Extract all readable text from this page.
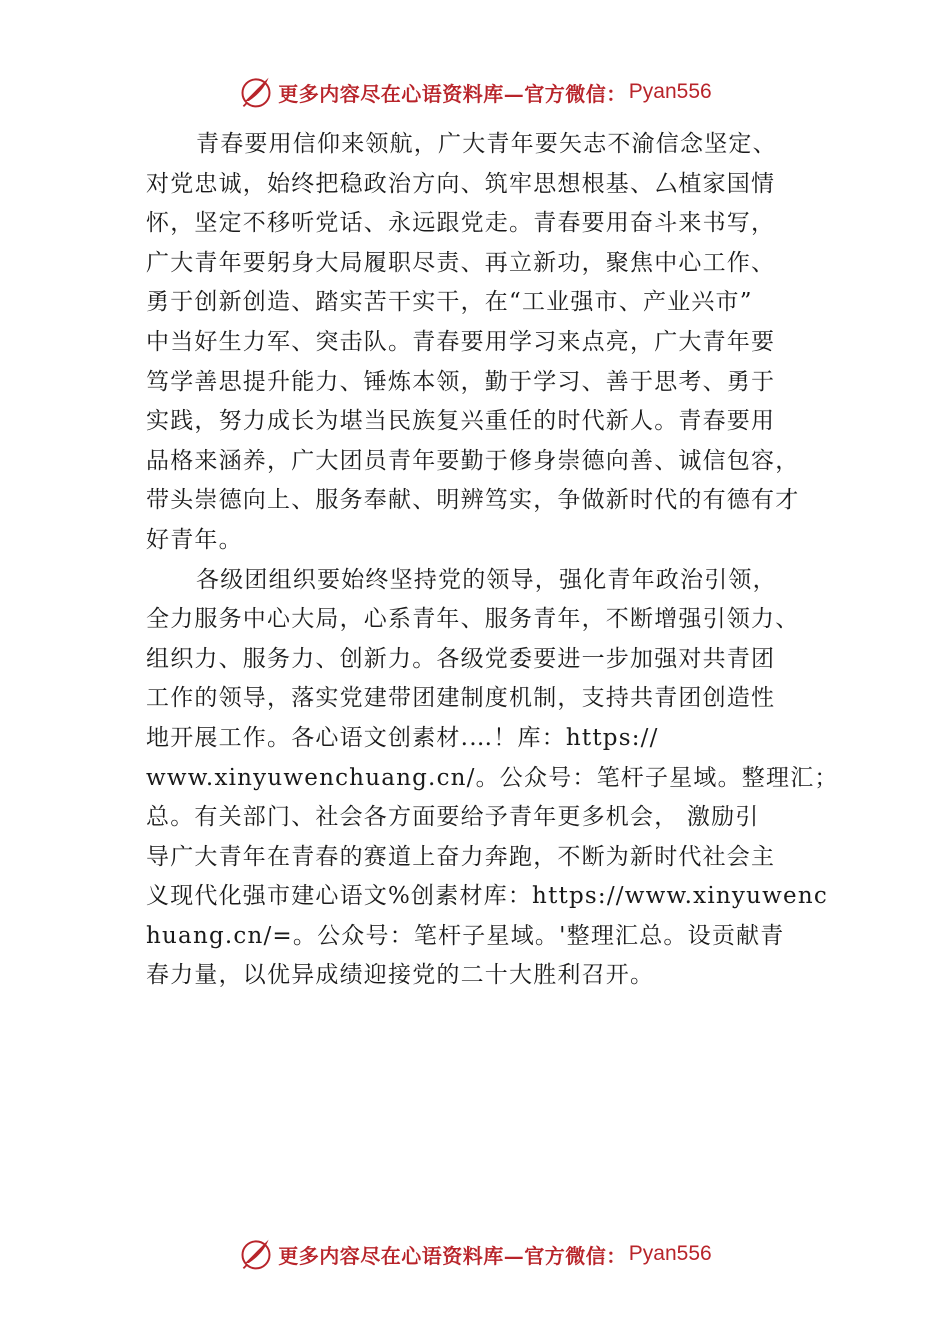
更多内容尽在心语资料库—官方微信： Pyan556
青春要用信仰来领航，广大青年要矢志不渝信念坚定、
对党忠诚，始终把稳政治方向、筑牢思想根基、厶植家国情
怀，坚定不移听党话、永远跟党走。青春要用奋斗来书写，
广大青年要躬身大局履职尽责、再立新功，聚焦中心工作、
勇于创新创造、踏实苦干实干，在“工业强市、产业兴市”
中当好生力军、突击队。青春要用学习来点亮，广大青年要
笃学善思提升能力、锤炼本领，勤于学习、善于思考、勇于
实践，努力成长为堪当民族复兴重任的时代新人。青春要用
品格来涵养，广大团员青年要勤于修身崇德向善、诚信包容，
带头崇德向上、服务奉献、明辨笃实，争做新时代的有德有才
好青年。
各级团组织要始终坚持党的领导，强化青年政治引领，
全力服务中心大局，心系青年、服务青年，不断增强引领力、
组织力、服务力、创新力。各级党委要进一步加强对共青团
工作的领导，落实党建带团建制度机制，支持共青团创造性
地开展工作。各心语文创素材.…！库：https://
www.xinyuwenchuang.cn/。公众号：笔杆子星域。整理汇；
总。有关部门、社会各方面要给予青年更多机会， 激励引
导广大青年在青春的赛道上奋力奔跑，不断为新时代社会主
义现代化强市建心语文%创素材库：https://www.xinyuwenc
huang.cn/=。公众号：笔杆子星域。'整理汇总。设贡献青
春力量，以优异成绩迎接党的二十大胜利召开。
更多内容尽在心语资料库—官方微信： Pyan556
